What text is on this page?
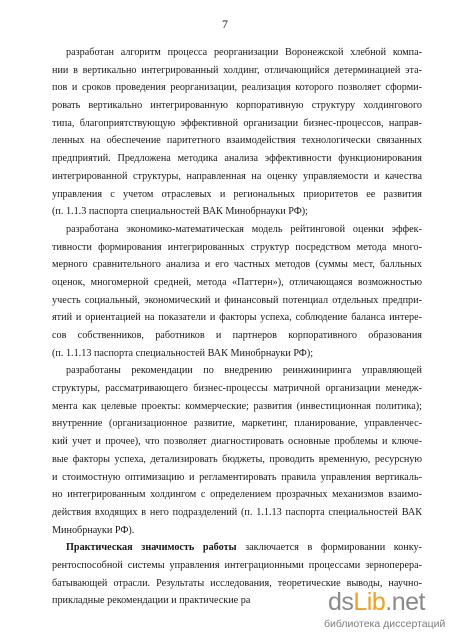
7
разработан алгоритм процесса реорганизации Воронежской хлебной компа-
нии в вертикально интегрированный холдинг, отличающийся детерминацией эта-
пов и сроков проведения реорганизации, реализация которого позволяет сформи-
ровать вертикально интегрированную корпоративную структуру холдингового
типа, благоприятствующую эффективной организации бизнес-процессов, направ-
ленных на обеспечение паритетного взаимодействия технологически связанных
предприятий. Предложена методика анализа эффективности функционирования
интегрированной структуры, направленная на оценку управляемости и качества
управления с учетом отраслевых и региональных приоритетов ее развития
(п. 1.1.3 паспорта специальностей ВАК Минобрнауки РФ);
разработана экономико-математическая модель рейтинговой оценки эффек-
тивности формирования интегрированных структур посредством метода много-
мерного сравнительного анализа и его частных методов (суммы мест, балльных
оценок, многомерной средней, метода «Паттерн»), отличающаяся возможностью
учесть социальный, экономический и финансовый потенциал отдельных предпри-
ятий и ориентацией на показатели и факторы успеха, соблюдение баланса интере-
сов собственников, работников и партнеров корпоративного образования
(п. 1.1.13 паспорта специальностей ВАК Минобрнауки РФ);
разработаны рекомендации по внедрению реинжиниринга управляющей
структуры, рассматривающего бизнес-процессы матричной организации менедж-
мента как целевые проекты: коммерческие; развития (инвестиционная политика);
внутренние (организационное развитие, маркетинг, планирование, управленчес-
кий учет и прочее), что позволяет диагностировать основные проблемы и ключе-
вые факторы успеха, детализировать бюджеты, проводить временную, ресурсную
и стоимостную оптимизацию и регламентировать правила управления вертикаль-
но интегрированным холдингом с определением прозрачных механизмов взаимо-
действия входящих в него подразделений (п. 1.1.13 паспорта специальностей ВАК
Минобрнауки РФ).
Практическая значимость работы заключается в формировании конку-
рентоспособной системы управления интеграционными процессами зерноперера-
батывающей отрасли. Результаты исследования, теоретические выводы, научно-
прикладные рекомендации и практические ра	dsLib.net
библиотека диссертаций
